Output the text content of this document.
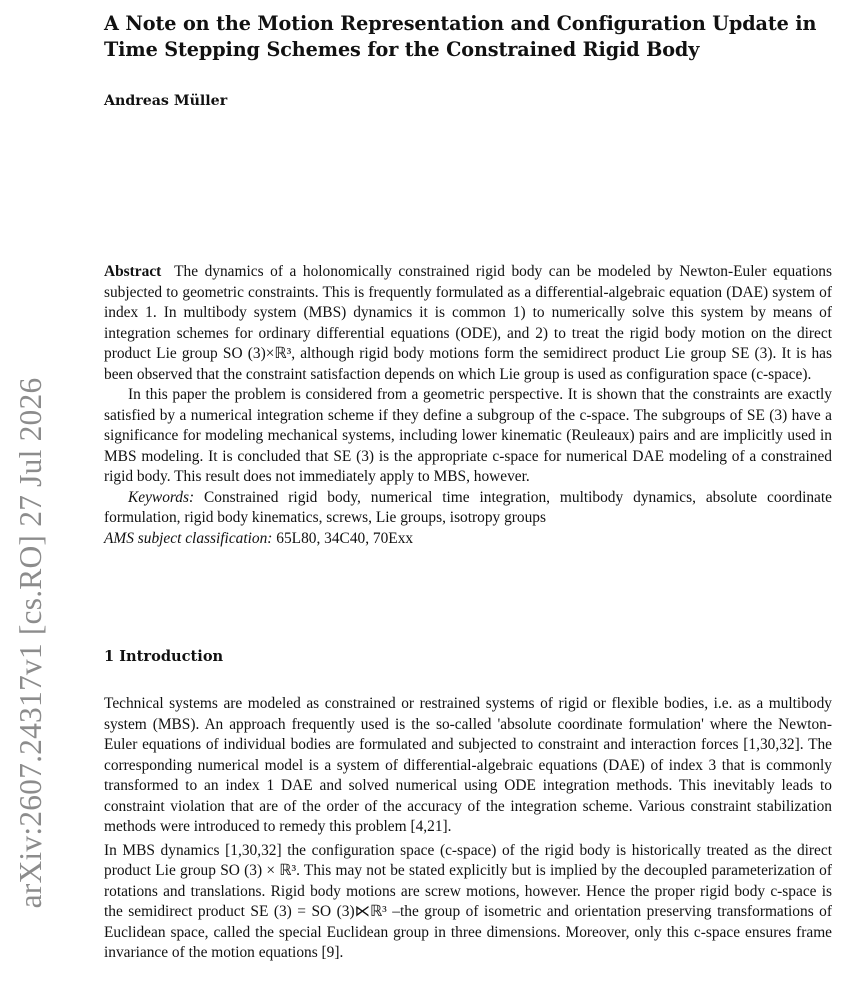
arXiv:2607.24317v1 [cs.RO] 27 Jul 2026
A Note on the Motion Representation and Configuration Update in Time Stepping Schemes for the Constrained Rigid Body
Andreas Müller

Abstract The dynamics of a holonomically constrained rigid body can be modeled by Newton-Euler equations subjected to geometric constraints. This is frequently formulated as a differential-algebraic equation (DAE) system of index 1. In multibody system (MBS) dynamics it is common 1) to numerically solve this system by means of integration schemes for ordinary differential equations (ODE), and 2) to treat the rigid body motion on the direct product Lie group SO (3)×ℝ³, although rigid body motions form the semidirect product Lie group SE (3). It is has been observed that the constraint satisfaction depends on which Lie group is used as configuration space (c-space).

In this paper the problem is considered from a geometric perspective. It is shown that the constraints are exactly satisfied by a numerical integration scheme if they define a subgroup of the c-space. The subgroups of SE (3) have a significance for modeling mechanical systems, including lower kinematic (Reuleaux) pairs and are implicitly used in MBS modeling. It is concluded that SE (3) is the appropriate c-space for numerical DAE modeling of a constrained rigid body. This result does not immediately apply to MBS, however.

Keywords: Constrained rigid body, numerical time integration, multibody dynamics, absolute coordinate formulation, rigid body kinematics, screws, Lie groups, isotropy groups

AMS subject classification: 65L80, 34C40, 70Exx

1 Introduction

Technical systems are modeled as constrained or restrained systems of rigid or flexible bodies, i.e. as a multibody system (MBS). An approach frequently used is the so-called 'absolute coordinate formulation' where the Newton-Euler equations of individual bodies are formulated and subjected to constraint and interaction forces [1,30,32]. The corresponding numerical model is a system of differential-algebraic equations (DAE) of index 3 that is commonly transformed to an index 1 DAE and solved numerical using ODE integration methods. This inevitably leads to constraint violation that are of the order of the accuracy of the integration scheme. Various constraint stabilization methods were introduced to remedy this problem [4,21].

In MBS dynamics [1,30,32] the configuration space (c-space) of the rigid body is historically treated as the direct product Lie group SO (3) × ℝ³. This may not be stated explicitly but is implied by the decoupled parameterization of rotations and translations. Rigid body motions are screw motions, however. Hence the proper rigid body c-space is the semidirect product SE (3) = SO (3)⋉ℝ³ –the group of isometric and orientation preserving transformations of Euclidean space, called the special Euclidean group in three dimensions. Moreover, only this c-space ensures frame invariance of the motion equations [9].
